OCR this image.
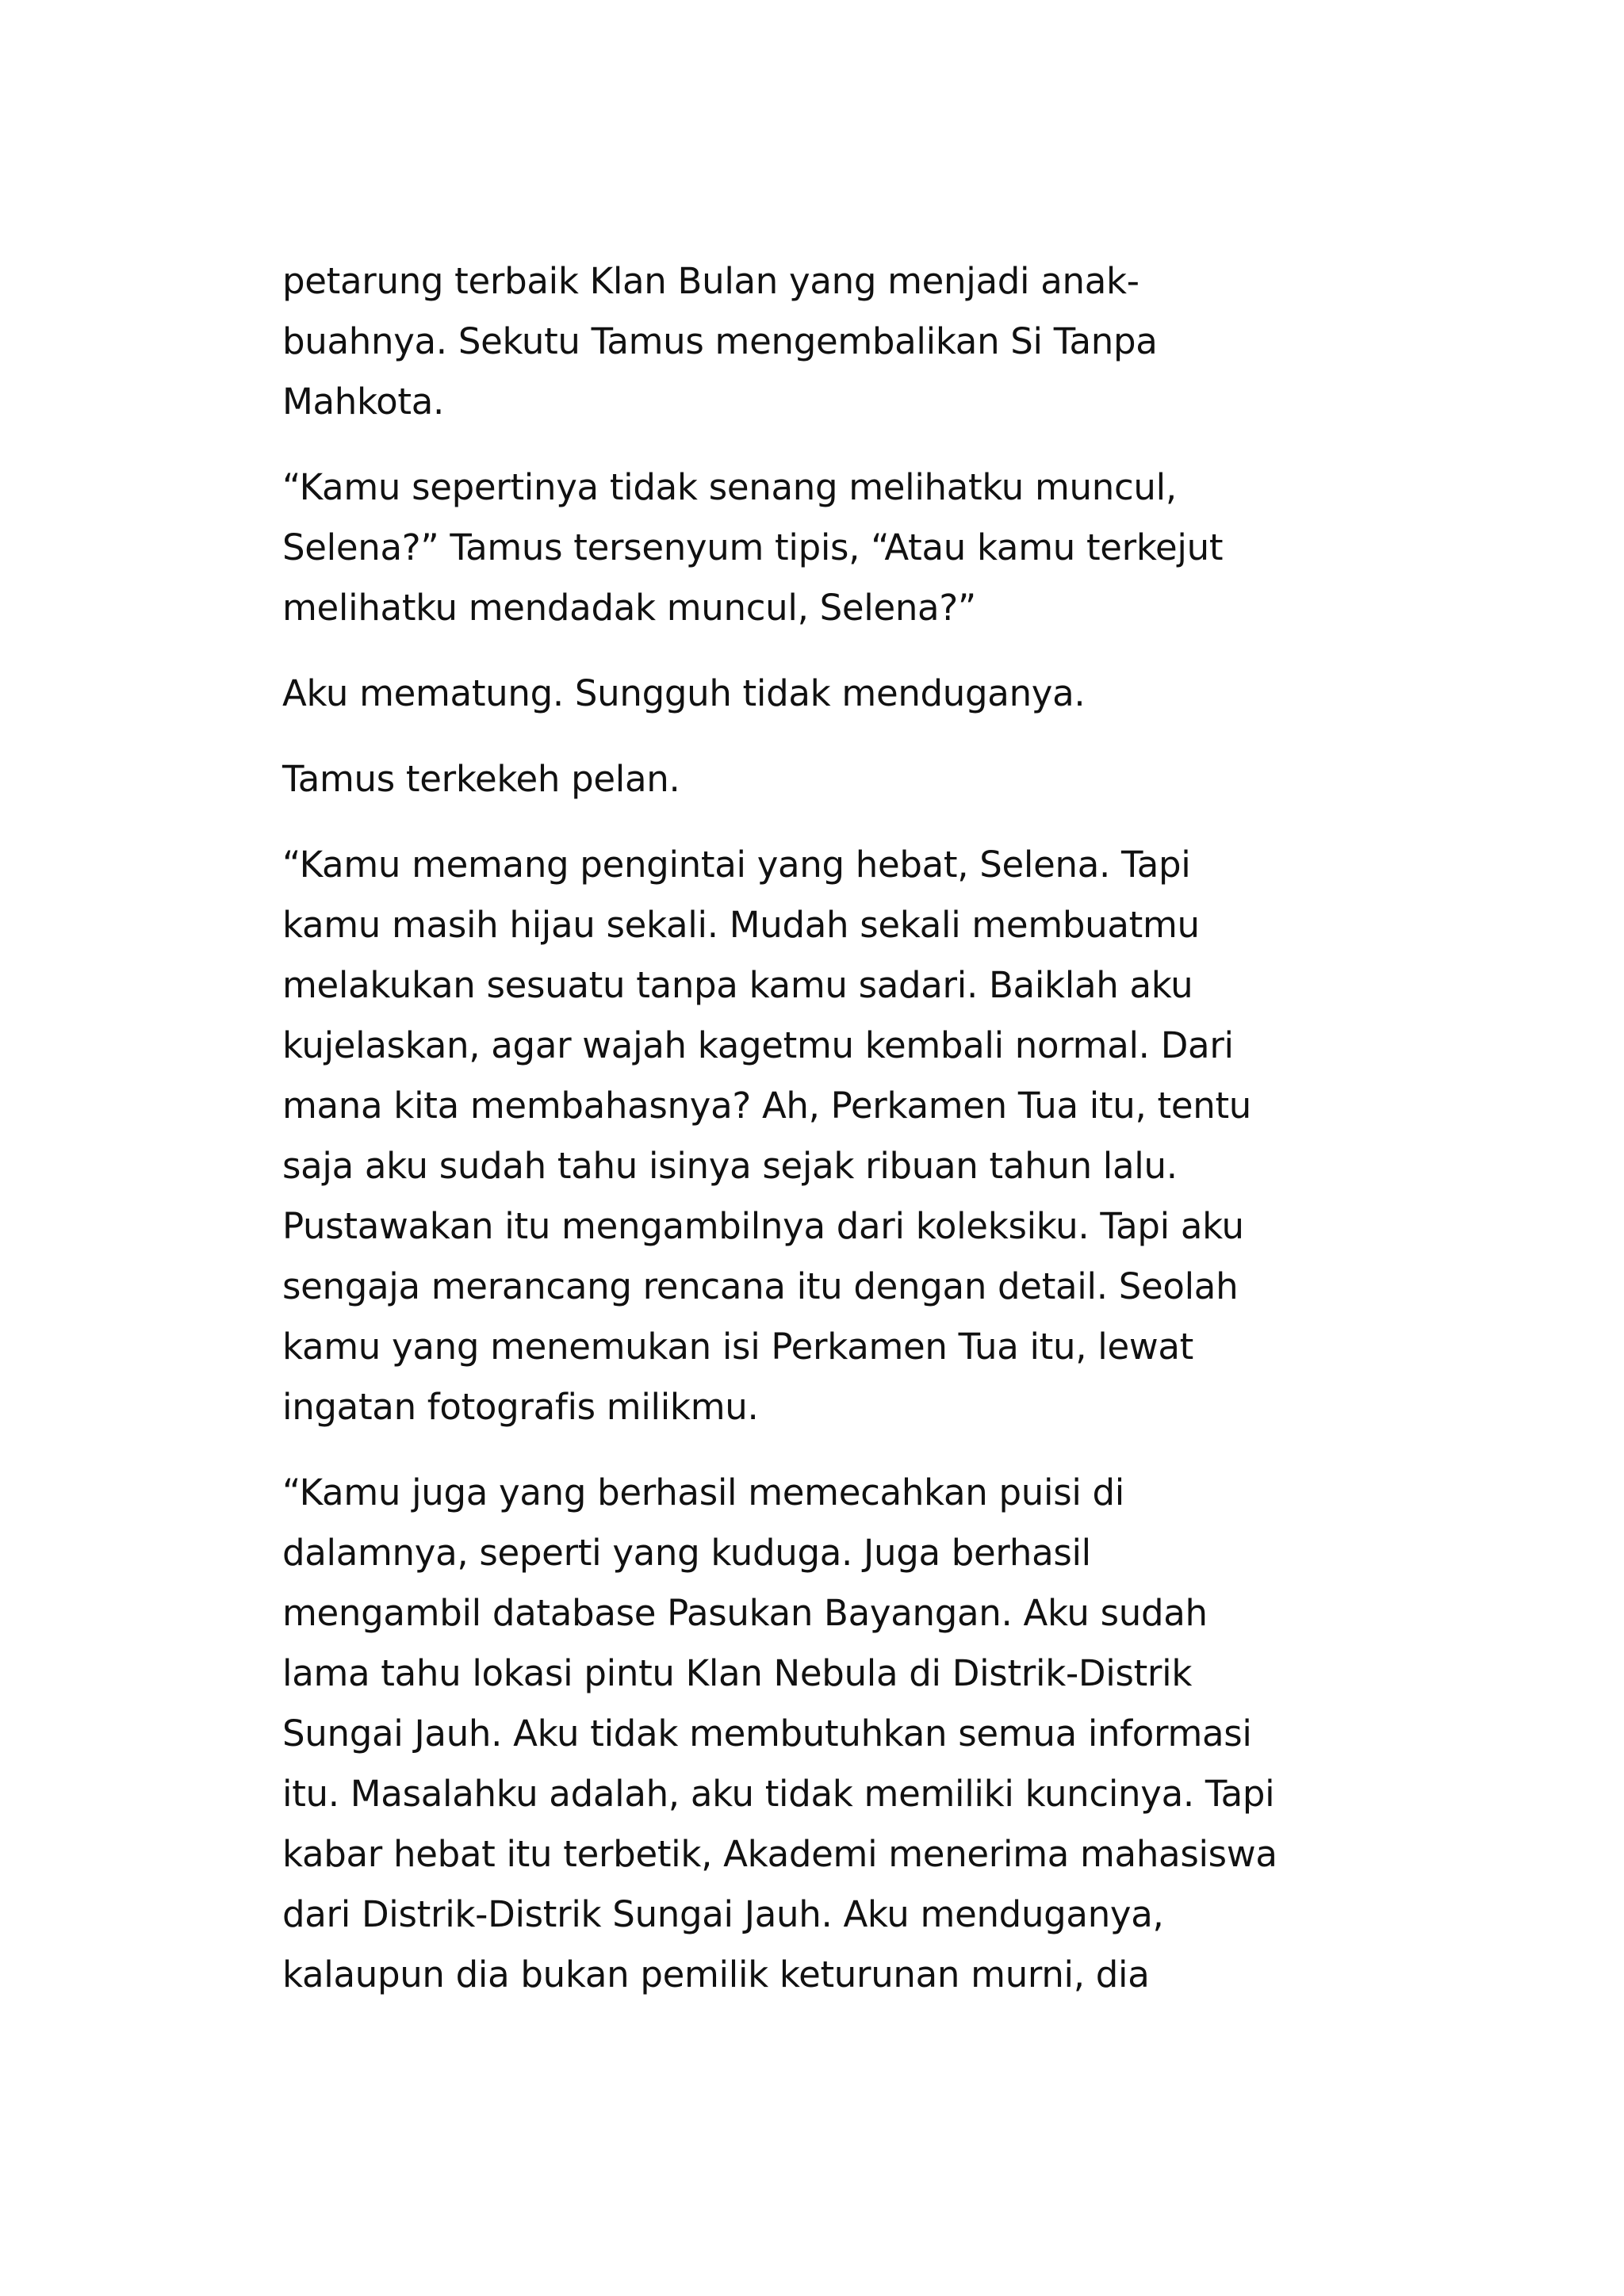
petarung terbaik Klan Bulan yang menjadi anak-
buahnya. Sekutu Tamus mengembalikan Si Tanpa
Mahkota.
“Kamu sepertinya tidak senang melihatku muncul,
Selena?” Tamus tersenyum tipis, “Atau kamu terkejut
melihatku mendadak muncul, Selena?”
Aku mematung. Sungguh tidak menduganya.
Tamus terkekeh pelan.
“Kamu memang pengintai yang hebat, Selena. Tapi
kamu masih hijau sekali. Mudah sekali membuatmu
melakukan sesuatu tanpa kamu sadari. Baiklah aku
kujelaskan, agar wajah kagetmu kembali normal. Dari
mana kita membahasnya? Ah, Perkamen Tua itu, tentu
saja aku sudah tahu isinya sejak ribuan tahun lalu.
Pustawakan itu mengambilnya dari koleksiku. Tapi aku
sengaja merancang rencana itu dengan detail. Seolah
kamu yang menemukan isi Perkamen Tua itu, lewat
ingatan fotografis milikmu.
“Kamu juga yang berhasil memecahkan puisi di
dalamnya, seperti yang kuduga. Juga berhasil
mengambil database Pasukan Bayangan. Aku sudah
lama tahu lokasi pintu Klan Nebula di Distrik-Distrik
Sungai Jauh. Aku tidak membutuhkan semua informasi
itu. Masalahku adalah, aku tidak memiliki kuncinya. Tapi
kabar hebat itu terbetik, Akademi menerima mahasiswa
dari Distrik-Distrik Sungai Jauh. Aku menduganya,
kalaupun dia bukan pemilik keturunan murni, dia
